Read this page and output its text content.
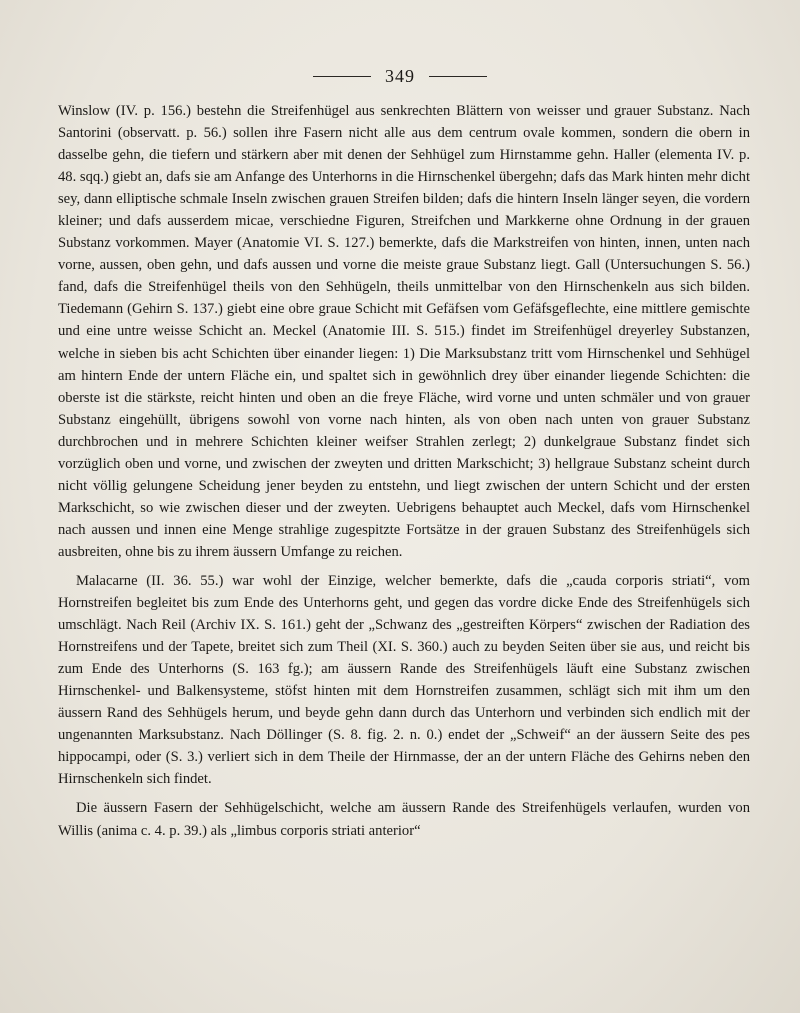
349

Winslow (IV. p. 156.) bestehn die Streifenhügel aus senkrechten Blättern von weisser und grauer Substanz. Nach Santorini (observatt. p. 56.) sollen ihre Fasern nicht alle aus dem centrum ovale kommen, sondern die obern in dasselbe gehn, die tiefern und stärkern aber mit denen der Sehhügel zum Hirnstamme gehn. Haller (elementa IV. p. 48. sqq.) giebt an, dafs sie am Anfange des Unterhorns in die Hirnschenkel übergehn; dafs das Mark hinten mehr dicht sey, dann elliptische schmale Inseln zwischen grauen Streifen bilden; dafs die hintern Inseln länger seyen, die vordern kleiner; und dafs ausserdem micae, verschiedne Figuren, Streifchen und Markkerne ohne Ordnung in der grauen Substanz vorkommen. Mayer (Anatomie VI. S. 127.) bemerkte, dafs die Markstreifen von hinten, innen, unten nach vorne, aussen, oben gehn, und dafs aussen und vorne die meiste graue Substanz liegt. Gall (Untersuchungen S. 56.) fand, dafs die Streifenhügel theils von den Sehhügeln, theils unmittelbar von den Hirnschenkeln aus sich bilden. Tiedemann (Gehirn S. 137.) giebt eine obre graue Schicht mit Gefäfsen vom Gefäfsgeflechte, eine mittlere gemischte und eine untre weisse Schicht an. Meckel (Anatomie III. S. 515.) findet im Streifenhügel dreyerley Substanzen, welche in sieben bis acht Schichten über einander liegen: 1) Die Marksubstanz tritt vom Hirnschenkel und Sehhügel am hintern Ende der untern Fläche ein, und spaltet sich in gewöhnlich drey über einander liegende Schichten: die oberste ist die stärkste, reicht hinten und oben an die freye Fläche, wird vorne und unten schmäler und von grauer Substanz eingehüllt, übrigens sowohl von vorne nach hinten, als von oben nach unten von grauer Substanz durchbrochen und in mehrere Schichten kleiner weifser Strahlen zerlegt; 2) dunkelgraue Substanz findet sich vorzüglich oben und vorne, und zwischen der zweyten und dritten Markschicht; 3) hellgraue Substanz scheint durch nicht völlig gelungene Scheidung jener beyden zu entstehn, und liegt zwischen der untern Schicht und der ersten Markschicht, so wie zwischen dieser und der zweyten. Uebrigens behauptet auch Meckel, dafs vom Hirnschenkel nach aussen und innen eine Menge strahlige zugespitzte Fortsätze in der grauen Substanz des Streifenhügels sich ausbreiten, ohne bis zu ihrem äussern Umfange zu reichen.

Malacarne (II. 36. 55.) war wohl der Einzige, welcher bemerkte, dafs die „cauda corporis striati“, vom Hornstreifen begleitet bis zum Ende des Unterhorns geht, und gegen das vordre dicke Ende des Streifenhügels sich umschlägt. Nach Reil (Archiv IX. S. 161.) geht der „Schwanz des „gestreiften Körpers“ zwischen der Radiation des Hornstreifens und der Tapete, breitet sich zum Theil (XI. S. 360.) auch zu beyden Seiten über sie aus, und reicht bis zum Ende des Unterhorns (S. 163 fg.); am äussern Rande des Streifenhügels läuft eine Substanz zwischen Hirnschenkel- und Balkensysteme, stöfst hinten mit dem Hornstreifen zusammen, schlägt sich mit ihm um den äussern Rand des Sehhügels herum, und beyde gehn dann durch das Unterhorn und verbinden sich endlich mit der ungenannten Marksubstanz. Nach Döllinger (S. 8. fig. 2. n. 0.) endet der „Schweif“ an der äussern Seite des pes hippocampi, oder (S. 3.) verliert sich in dem Theile der Hirnmasse, der an der untern Fläche des Gehirns neben den Hirnschenkeln sich findet.

Die äussern Fasern der Sehhügelschicht, welche am äussern Rande des Streifenhügels verlaufen, wurden von Willis (anima c. 4. p. 39.) als „limbus corporis striati anterior“
